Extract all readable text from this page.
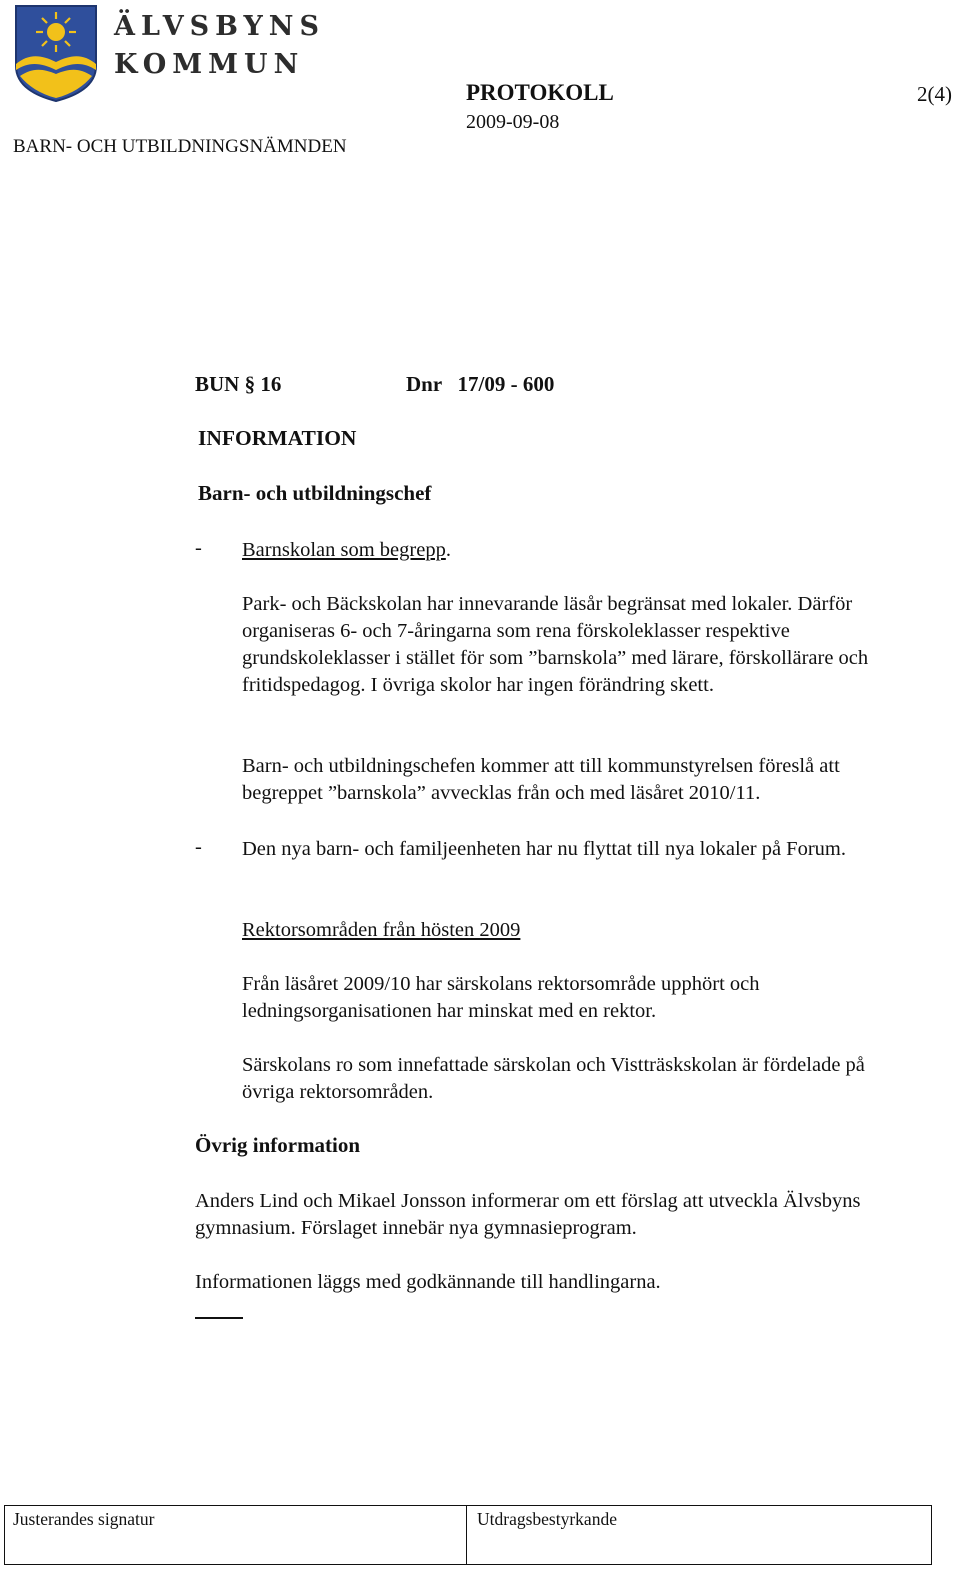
ÄLVSBYNS
KOMMUN
BARN- OCH UTBILDNINGSNÄMNDEN
PROTOKOLL
2009-09-08
2(4)
BUN § 16	Dnr   17/09 - 600
INFORMATION
Barn- och utbildningschef
- Barnskolan som begrepp.
Park- och Bäckskolan har innevarande läsår begränsat med lokaler. Därför organiseras 6- och 7-åringarna som rena förskoleklasser respektive grundskoleklasser i stället för som ”barnskola” med lärare, förskollärare och fritidspedagog. I övriga skolor har ingen förändring skett.
Barn- och utbildningschefen kommer att till kommunstyrelsen föreslå att begreppet ”barnskola” avvecklas från och med läsåret 2010/11.
- Den nya barn- och familjeenheten har nu flyttat till nya lokaler på Forum.
Rektorsområden från hösten 2009
Från läsåret 2009/10 har särskolans rektorsområde upphört och ledningsorganisationen har minskat med en rektor.
Särskolans ro som innefattade särskolan och Vistträskskolan är fördelade på övriga rektorsområden.
Övrig information
Anders Lind och Mikael Jonsson informerar om ett förslag att utveckla Älvsbyns gymnasium. Förslaget innebär nya gymnasieprogram.
Informationen läggs med godkännande till handlingarna.
Justerandes signatur	Utdragsbestyrkande
